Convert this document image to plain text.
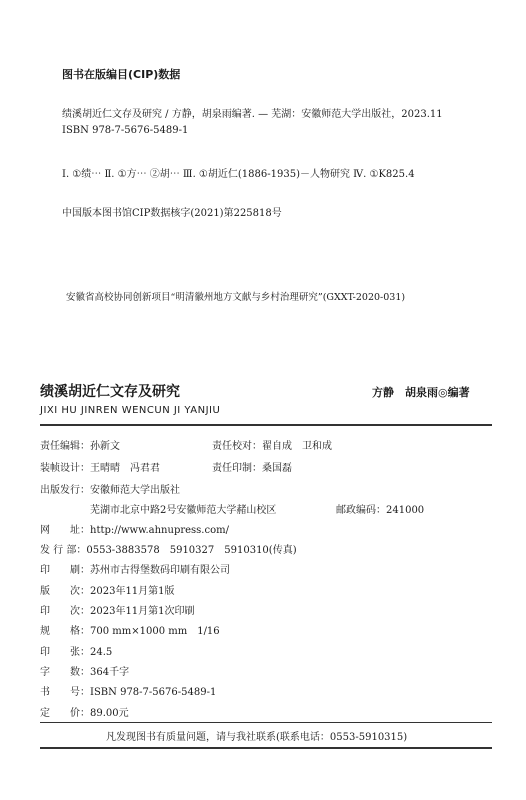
图书在版编目(CIP)数据
绩溪胡近仁文存及研究 / 方静，胡泉雨编著. — 芜湖：安徽师范大学出版社，2023.11
ISBN 978-7-5676-5489-1
Ⅰ. ①绩⋯ Ⅱ. ①方⋯ ②胡⋯ Ⅲ. ①胡近仁(1886-1935)－人物研究 Ⅳ. ①K825.4
中国版本图书馆CIP数据核字(2021)第225818号
安徽省高校协同创新项目“明清徽州地方文献与乡村治理研究”(GXXT-2020-031)
绩溪胡近仁文存及研究	方静　胡泉雨◎编著
JIXI HU JINREN WENCUN JI YANJIU
责任编辑：孙新文	责任校对：翟自成　卫和成
装帧设计：王晴晴　冯君君	责任印制：桑国磊
出版发行：安徽师范大学出版社
芜湖市北京中路2号安徽师范大学赭山校区	邮政编码：241000
网　　址：http://www.ahnupress.com/
发 行 部：0553-3883578　5910327　5910310(传真)
印　　刷：苏州市古得堡数码印刷有限公司
版　　次：2023年11月第1版
印　　次：2023年11月第1次印刷
规　　格：700 mm×1000 mm　1/16
印　　张：24.5
字　　数：364千字
书　　号：ISBN 978-7-5676-5489-1
定　　价：89.00元
凡发现图书有质量问题，请与我社联系(联系电话：0553-5910315)
